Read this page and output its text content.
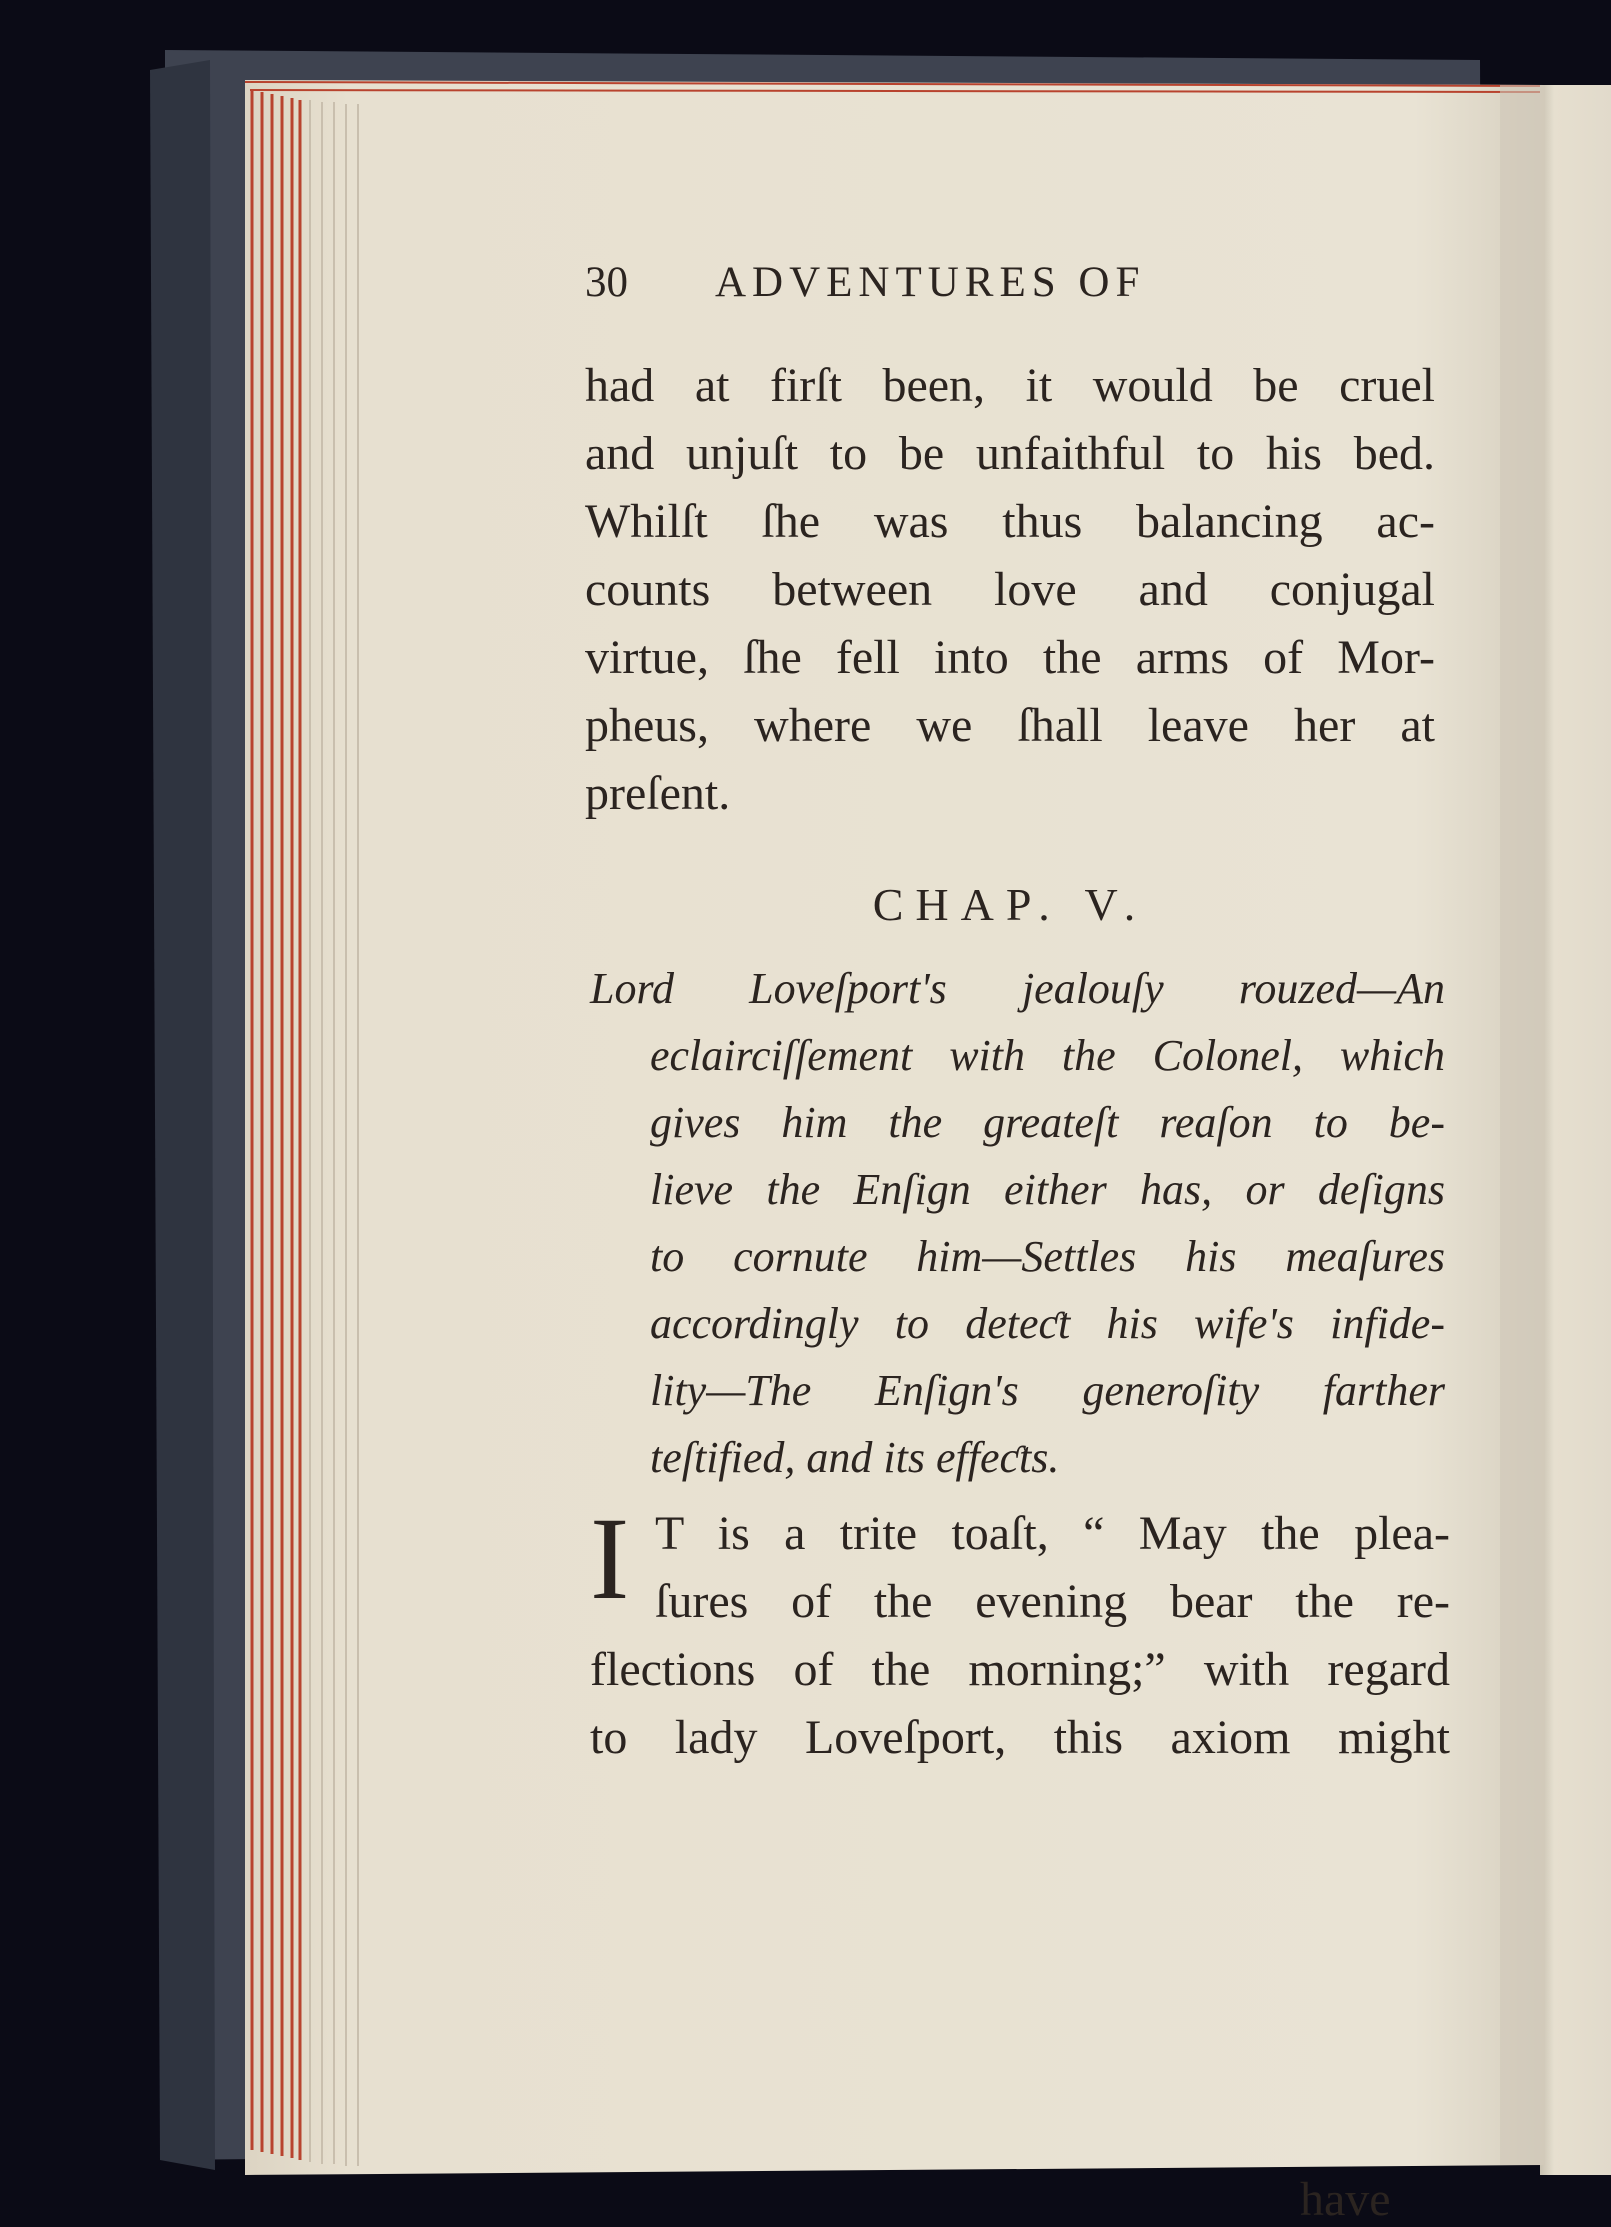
30 ADVENTURES OF
had at firſt been, it would be cruel
and unjuſt to be unfaithful to his bed.
Whilſt ſhe was thus balancing ac-
counts between love and conjugal
virtue, ſhe fell into the arms of Mor-
pheus, where we ſhall leave her at
preſent.
CHAP. V.
Lord Loveſport's jealouſy rouzed—An
eclairciſſement with the Colonel, which
gives him the greateſt reaſon to be-
lieve the Enſign either has, or deſigns
to cornute him—Settles his meaſures
accordingly to deteƈt his wife's infide-
lity—The Enſign's generoſity farther
teſtified, and its effeƈts.
I T is a trite toaſt, “ May the plea-
ſures of the evening bear the re-
flections of the morning;” with regard
to lady Loveſport, this axiom might
have
